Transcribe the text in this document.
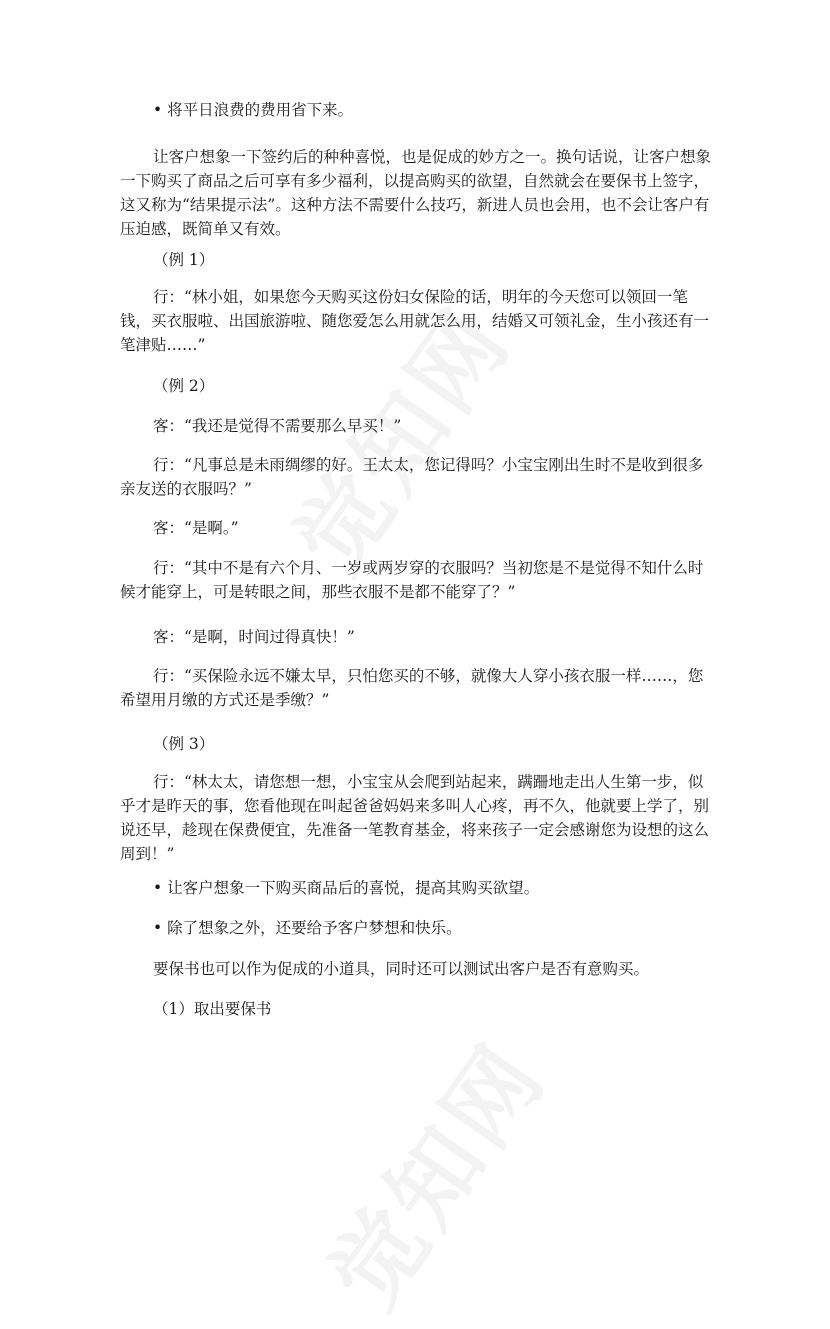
• 将平日浪费的费用省下来。

让客户想象一下签约后的种种喜悦，也是促成的妙方之一。换句话说，让客户想象一下购买了商品之后可享有多少福利，以提高购买的欲望，自然就会在要保书上签字，这又称为“结果提示法”。这种方法不需要什么技巧，新进人员也会用，也不会让客户有压迫感，既简单又有效。

（例 1）

行：“林小姐，如果您今天购买这份妇女保险的话，明年的今天您可以领回一笔钱，买衣服啦、出国旅游啦、随您爱怎么用就怎么用，结婚又可领礼金，生小孩还有一笔津贴……”

（例 2）

客：“我还是觉得不需要那么早买！”

行：“凡事总是未雨绸缪的好。王太太，您记得吗？小宝宝刚出生时不是收到很多亲友送的衣服吗？”

客：“是啊。”

行：“其中不是有六个月、一岁或两岁穿的衣服吗？当初您是不是觉得不知什么时候才能穿上，可是转眼之间，那些衣服不是都不能穿了？”

客：“是啊，时间过得真快！”

行：“买保险永远不嫌太早，只怕您买的不够，就像大人穿小孩衣服一样……，您希望用月缴的方式还是季缴？”

（例 3）

行：“林太太，请您想一想，小宝宝从会爬到站起来，蹒跚地走出人生第一步，似乎才是昨天的事，您看他现在叫起爸爸妈妈来多叫人心疼，再不久，他就要上学了，别说还早，趁现在保费便宜，先准备一笔教育基金，将来孩子一定会感谢您为设想的这么周到！”

• 让客户想象一下购买商品后的喜悦，提高其购买欲望。

• 除了想象之外，还要给予客户梦想和快乐。

要保书也可以作为促成的小道具，同时还可以测试出客户是否有意购买。

（1）取出要保书
